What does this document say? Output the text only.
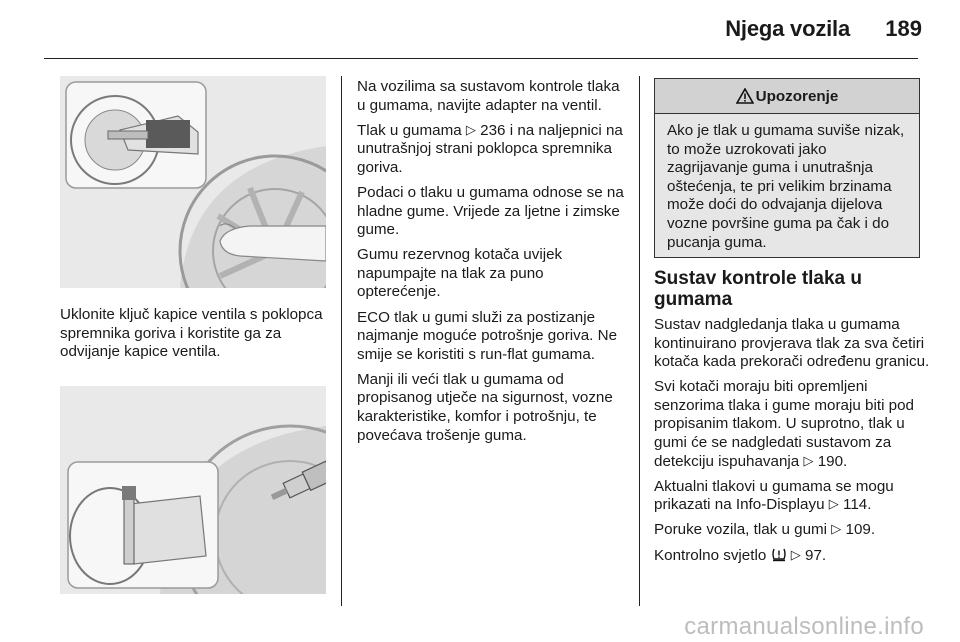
Njega vozila	189

Uklonite ključ kapice ventila s poklopca spremnika goriva i koristite ga za odvijanje kapice ventila.

Na vozilima sa sustavom kontrole tlaka u gumama, navijte adapter na ventil.

Tlak u gumama ▷ 236 i na naljepnici na unutrašnjoj strani poklopca spremnika goriva.

Podaci o tlaku u gumama odnose se na hladne gume. Vrijede za ljetne i zimske gume.

Gumu rezervnog kotača uvijek napumpajte na tlak za puno opterećenje.

ECO tlak u gumi služi za postizanje najmanje moguće potrošnje goriva. Ne smije se koristiti s run-flat gumama.

Manji ili veći tlak u gumama od propisanog utječe na sigurnost, vozne karakteristike, komfor i potrošnju, te povećava trošenje guma.

Upozorenje
Ako je tlak u gumama suviše nizak, to može uzrokovati jako zagrijavanje guma i unutrašnja oštećenja, te pri velikim brzinama može doći do odvajanja dijelova vozne površine guma pa čak i do pucanja guma.
Sustav kontrole tlaka u gumama

Sustav nadgledanja tlaka u gumama kontinuirano provjerava tlak za sva četiri kotača kada prekorači određenu granicu.

Svi kotači moraju biti opremljeni senzorima tlaka i gume moraju biti pod propisanim tlakom. U suprotno, tlak u gumi će se nadgledati sustavom za detekciju ispuhavanja ▷ 190.

Aktualni tlakovi u gumama se mogu prikazati na Info-Displayu ▷ 114.

Poruke vozila, tlak u gumi ▷ 109.

Kontrolno svjetlo ▷ 97.

carmanualsonline.info
